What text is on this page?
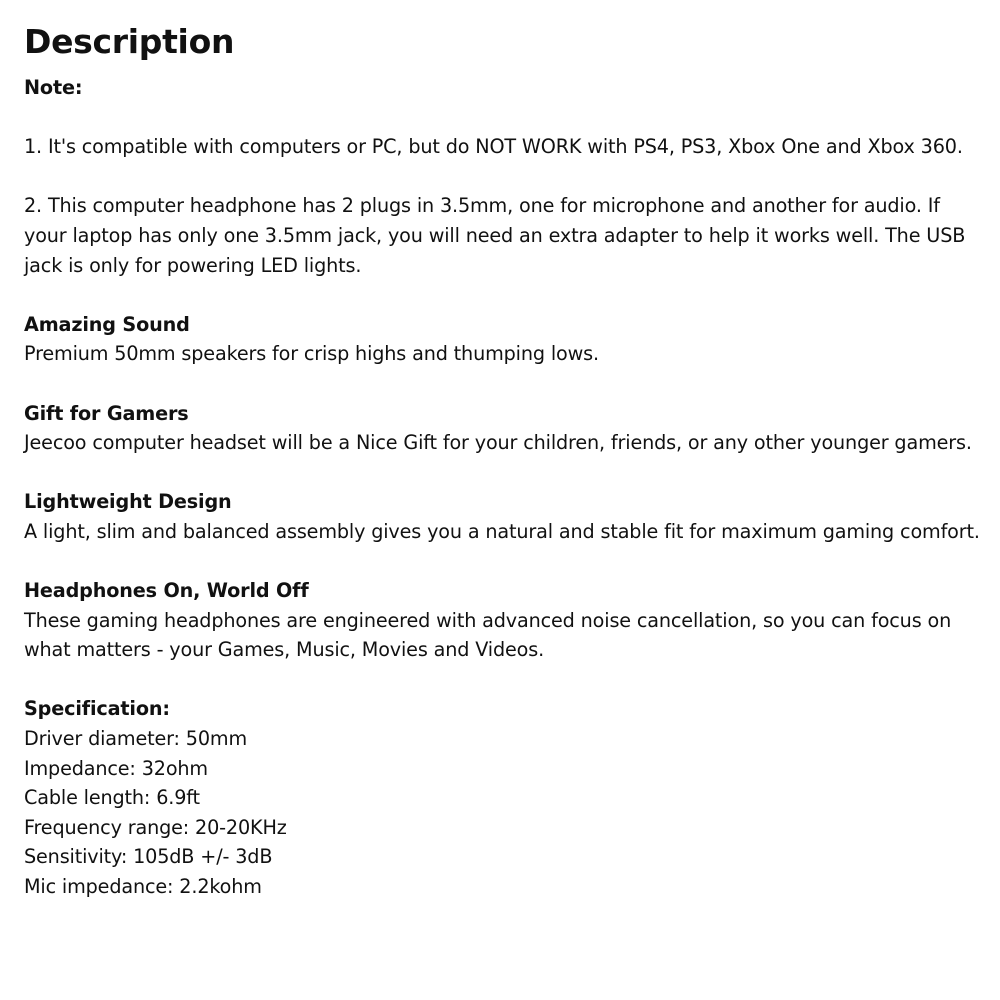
Description
Note:
1. It's compatible with computers or PC, but do NOT WORK with PS4, PS3, Xbox One and Xbox 360.
2. This computer headphone has 2 plugs in 3.5mm, one for microphone and another for audio. If your laptop has only one 3.5mm jack, you will need an extra adapter to help it works well. The USB jack is only for powering LED lights.
Amazing Sound
Premium 50mm speakers for crisp highs and thumping lows.
Gift for Gamers
Jeecoo computer headset will be a Nice Gift for your children, friends, or any other younger gamers.
Lightweight Design
A light, slim and balanced assembly gives you a natural and stable fit for maximum gaming comfort.
Headphones On, World Off
These gaming headphones are engineered with advanced noise cancellation, so you can focus on what matters - your Games, Music, Movies and Videos.
Specification:
Driver diameter: 50mm
Impedance: 32ohm
Cable length: 6.9ft
Frequency range: 20-20KHz
Sensitivity: 105dB +/- 3dB
Mic impedance: 2.2kohm
